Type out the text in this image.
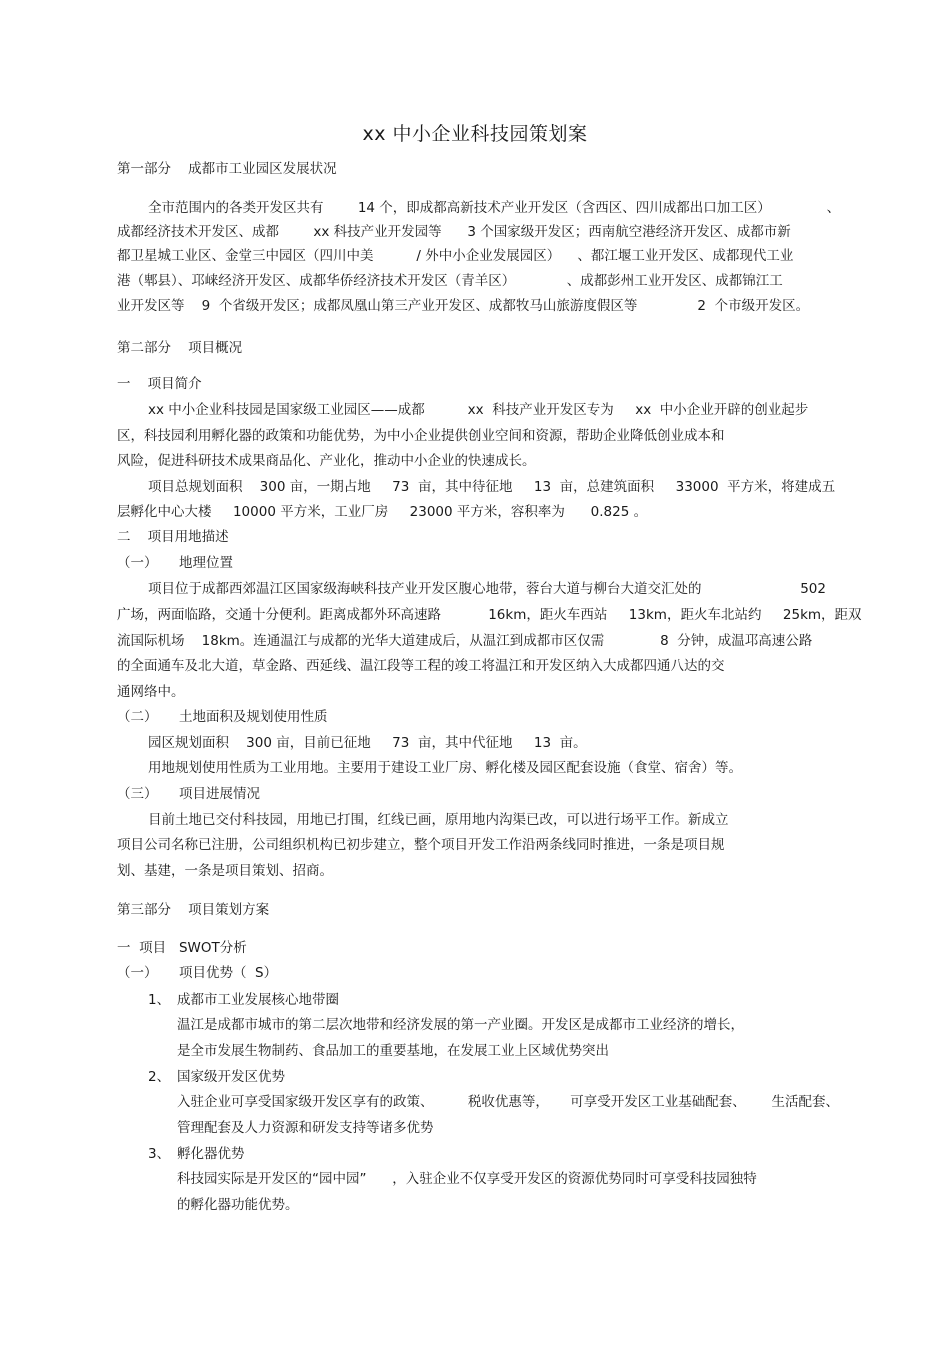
xx 中小企业科技园策划案
第一部分    成都市工业园区发展状况
全市范围内的各类开发区共有        14 个，即成都高新技术产业开发区（含西区、四川成都出口加工区）             、
成都经济技术开发区、成都        xx 科技产业开发园等      3 个国家级开发区；西南航空港经济开发区、成都市新
都卫星城工业区、金堂三中园区（四川中美          / 外中小企业发展园区）    、都江堰工业开发区、成都现代工业
港（郫县）、邛崃经济开发区、成都华侨经济技术开发区（青羊区）            、成都彭州工业开发区、成都锦江工
业开发区等    9  个省级开发区；成都凤凰山第三产业开发区、成都牧马山旅游度假区等              2  个市级开发区。
第二部分    项目概况
一    项目简介
xx 中小企业科技园是国家级工业园区——成都          xx  科技产业开发区专为     xx  中小企业开辟的创业起步
区，科技园利用孵化器的政策和功能优势，为中小企业提供创业空间和资源，帮助企业降低创业成本和
风险，促进科研技术成果商品化、产业化，推动中小企业的快速成长。
项目总规划面积    300 亩，一期占地     73  亩，其中待征地     13  亩，总建筑面积     33000  平方米，将建成五
层孵化中心大楼     10000 平方米，工业厂房     23000 平方米，容积率为      0.825 。
二    项目用地描述
（一）     地理位置
项目位于成都西郊温江区国家级海峡科技产业开发区腹心地带，蓉台大道与柳台大道交汇处的                       502
广场，两面临路，交通十分便利。距离成都外环高速路           16km，距火车西站     13km，距火车北站约     25km，距双
流国际机场    18km。连通温江与成都的光华大道建成后，从温江到成都市区仅需             8  分钟，成温邛高速公路
的全面通车及北大道，草金路、西延线、温江段等工程的竣工将温江和开发区纳入大成都四通八达的交
通网络中。
（二）     土地面积及规划使用性质
园区规划面积    300 亩，目前已征地     73  亩，其中代征地     13  亩。
用地规划使用性质为工业用地。主要用于建设工业厂房、孵化楼及园区配套设施（食堂、宿舍）等。
（三）     项目进展情况
目前土地已交付科技园，用地已打围，红线已画，原用地内沟渠已改，可以进行场平工作。新成立
项目公司名称已注册，公司组织机构已初步建立，整个项目开发工作沿两条线同时推进，一条是项目规
划、基建，一条是项目策划、招商。
第三部分    项目策划方案
一  项目   SWOT分析
（一）     项目优势（  S）
1、 成都市工业发展核心地带圈
温江是成都市城市的第二层次地带和经济发展的第一产业圈。开发区是成都市工业经济的增长，
是全市发展生物制药、食品加工的重要基地，在发展工业上区域优势突出
2、 国家级开发区优势
入驻企业可享受国家级开发区享有的政策、        税收优惠等，     可享受开发区工业基础配套、      生活配套、
管理配套及人力资源和研发支持等诸多优势
3、 孵化器优势
科技园实际是开发区的“园中园”      ，入驻企业不仅享受开发区的资源优势同时可享受科技园独特
的孵化器功能优势。
